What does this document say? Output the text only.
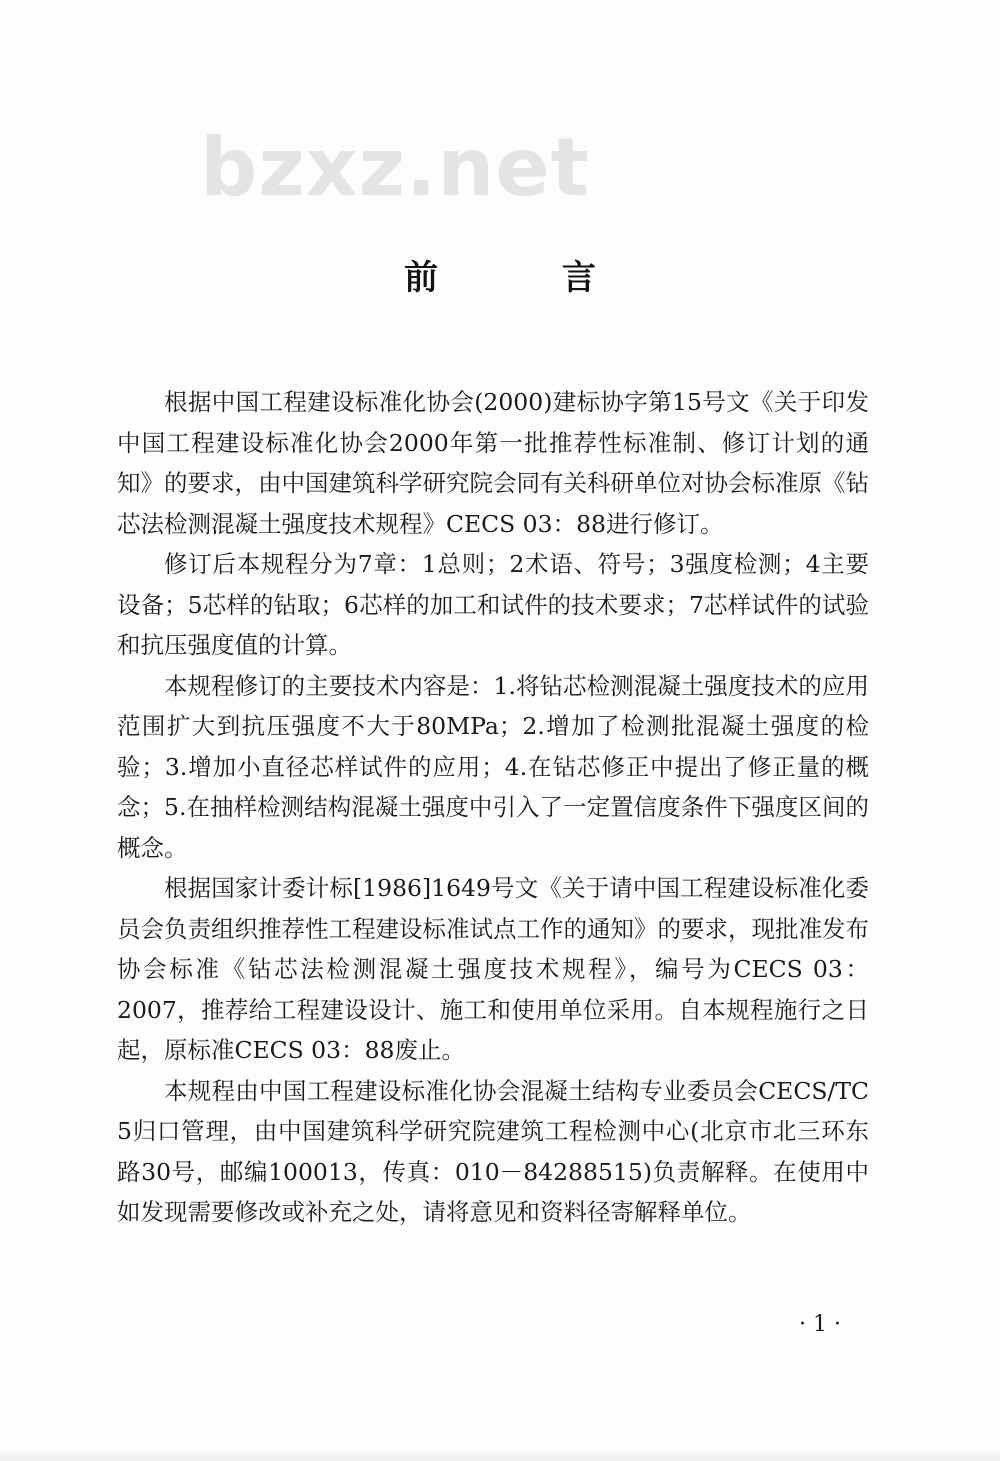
bzxz.net
前 言

根据中国工程建设标准化协会(2000)建标协字第15号文《关于印发中国工程建设标准化协会2000年第一批推荐性标准制、修订计划的通知》的要求，由中国建筑科学研究院会同有关科研单位对协会标准原《钻芯法检测混凝土强度技术规程》CECS 03：88进行修订。

修订后本规程分为7章：1总则；2术语、符号；3强度检测；4主要设备；5芯样的钻取；6芯样的加工和试件的技术要求；7芯样试件的试验和抗压强度值的计算。

本规程修订的主要技术内容是：1.将钻芯检测混凝土强度技术的应用范围扩大到抗压强度不大于80MPa；2.增加了检测批混凝土强度的检验；3.增加小直径芯样试件的应用；4.在钻芯修正中提出了修正量的概念；5.在抽样检测结构混凝土强度中引入了一定置信度条件下强度区间的概念。

根据国家计委计标[1986]1649号文《关于请中国工程建设标准化委员会负责组织推荐性工程建设标准试点工作的通知》的要求，现批准发布协会标准《钻芯法检测混凝土强度技术规程》，编号为CECS 03：2007，推荐给工程建设设计、施工和使用单位采用。自本规程施行之日起，原标准CECS 03：88废止。

本规程由中国工程建设标准化协会混凝土结构专业委员会CECS/TC 5归口管理，由中国建筑科学研究院建筑工程检测中心(北京市北三环东路30号，邮编100013，传真：010－84288515)负责解释。在使用中如发现需要修改或补充之处，请将意见和资料径寄解释单位。

· 1 ·
